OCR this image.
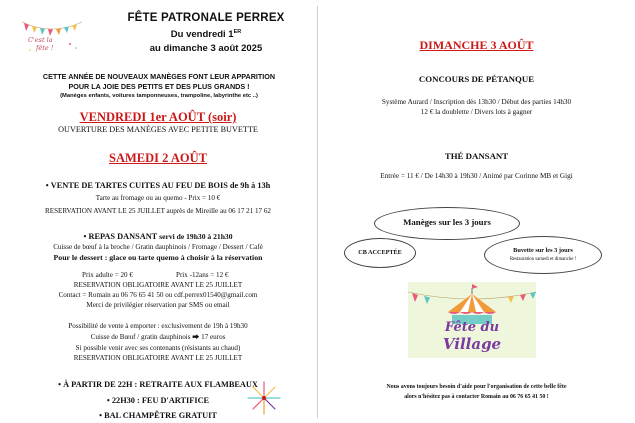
C'est la
fête !
FÊTE PATRONALE PERREX
Du vendredi 1ER
au dimanche 3 août 2025
CETTE ANNÉE DE NOUVEAUX MANÈGES FONT LEUR APPARITION
POUR LA JOIE DES PETITS ET DES PLUS GRANDS !
(Manèges enfants, voitures tamponneuses, trampoline, labyrinthe etc ..)
VENDREDI 1er AOÛT (soir)
OUVERTURE DES MANÈGES AVEC PETITE BUVETTE
SAMEDI 2 AOÛT
• VENTE DE TARTES CUITES AU FEU DE BOIS de 9h à 13h
Tarte au fromage ou au quemo - Prix = 10 €
RESERVATION AVANT LE 25 JUILLET auprès de Mireille au 06 17 21 17 62
• REPAS DANSANT servi de 19h30 à 21h30
Cuisse de bœuf à la broche / Gratin dauphinois / Fromage / Dessert / Café
Pour le dessert : glace ou tarte quemo à choisir à la réservation
Prix adulte = 20 €	Prix -12ans = 12 €
RESERVATION OBLIGATOIRE AVANT LE 25 JUILLET
Contact = Romain au 06 76 65 41 50 ou cdf.perrex01540@gmail.com
Merci de privilégier réservation par SMS ou email
Possibilité de vente à emporter : exclusivement de 19h à 19h30
Cuisse de Bœuf / gratin dauphinois ⮕ 17 euros
Si possible venir avec ses contenants (résistants au chaud)
RESERVATION OBLIGATOIRE AVANT LE 25 JUILLET
• À PARTIR DE 22H : RETRAITE AUX FLAMBEAUX
• 22H30 : FEU D'ARTIFICE
• BAL CHAMPÊTRE GRATUIT
DIMANCHE 3 AOÛT
CONCOURS DE PÉTANQUE
Système Aurard / Inscription dès 13h30 / Début des parties 14h30
12 € la doublette / Divers lots à gagner
THÉ DANSANT
Entrée = 11 € / De 14h30 à 19h30 / Animé par Corinne MB et Gigi
Manèges sur les 3 jours
CB ACCEPTÉE	Buvette sur les 3 jours
Restauration samedi et dimanche !
Fête du
Village
Nous avons toujours besoin d'aide pour l'organisation de cette belle fête
alors n'hésitez pas à contacter Romain au 06 76 65 41 50 !
